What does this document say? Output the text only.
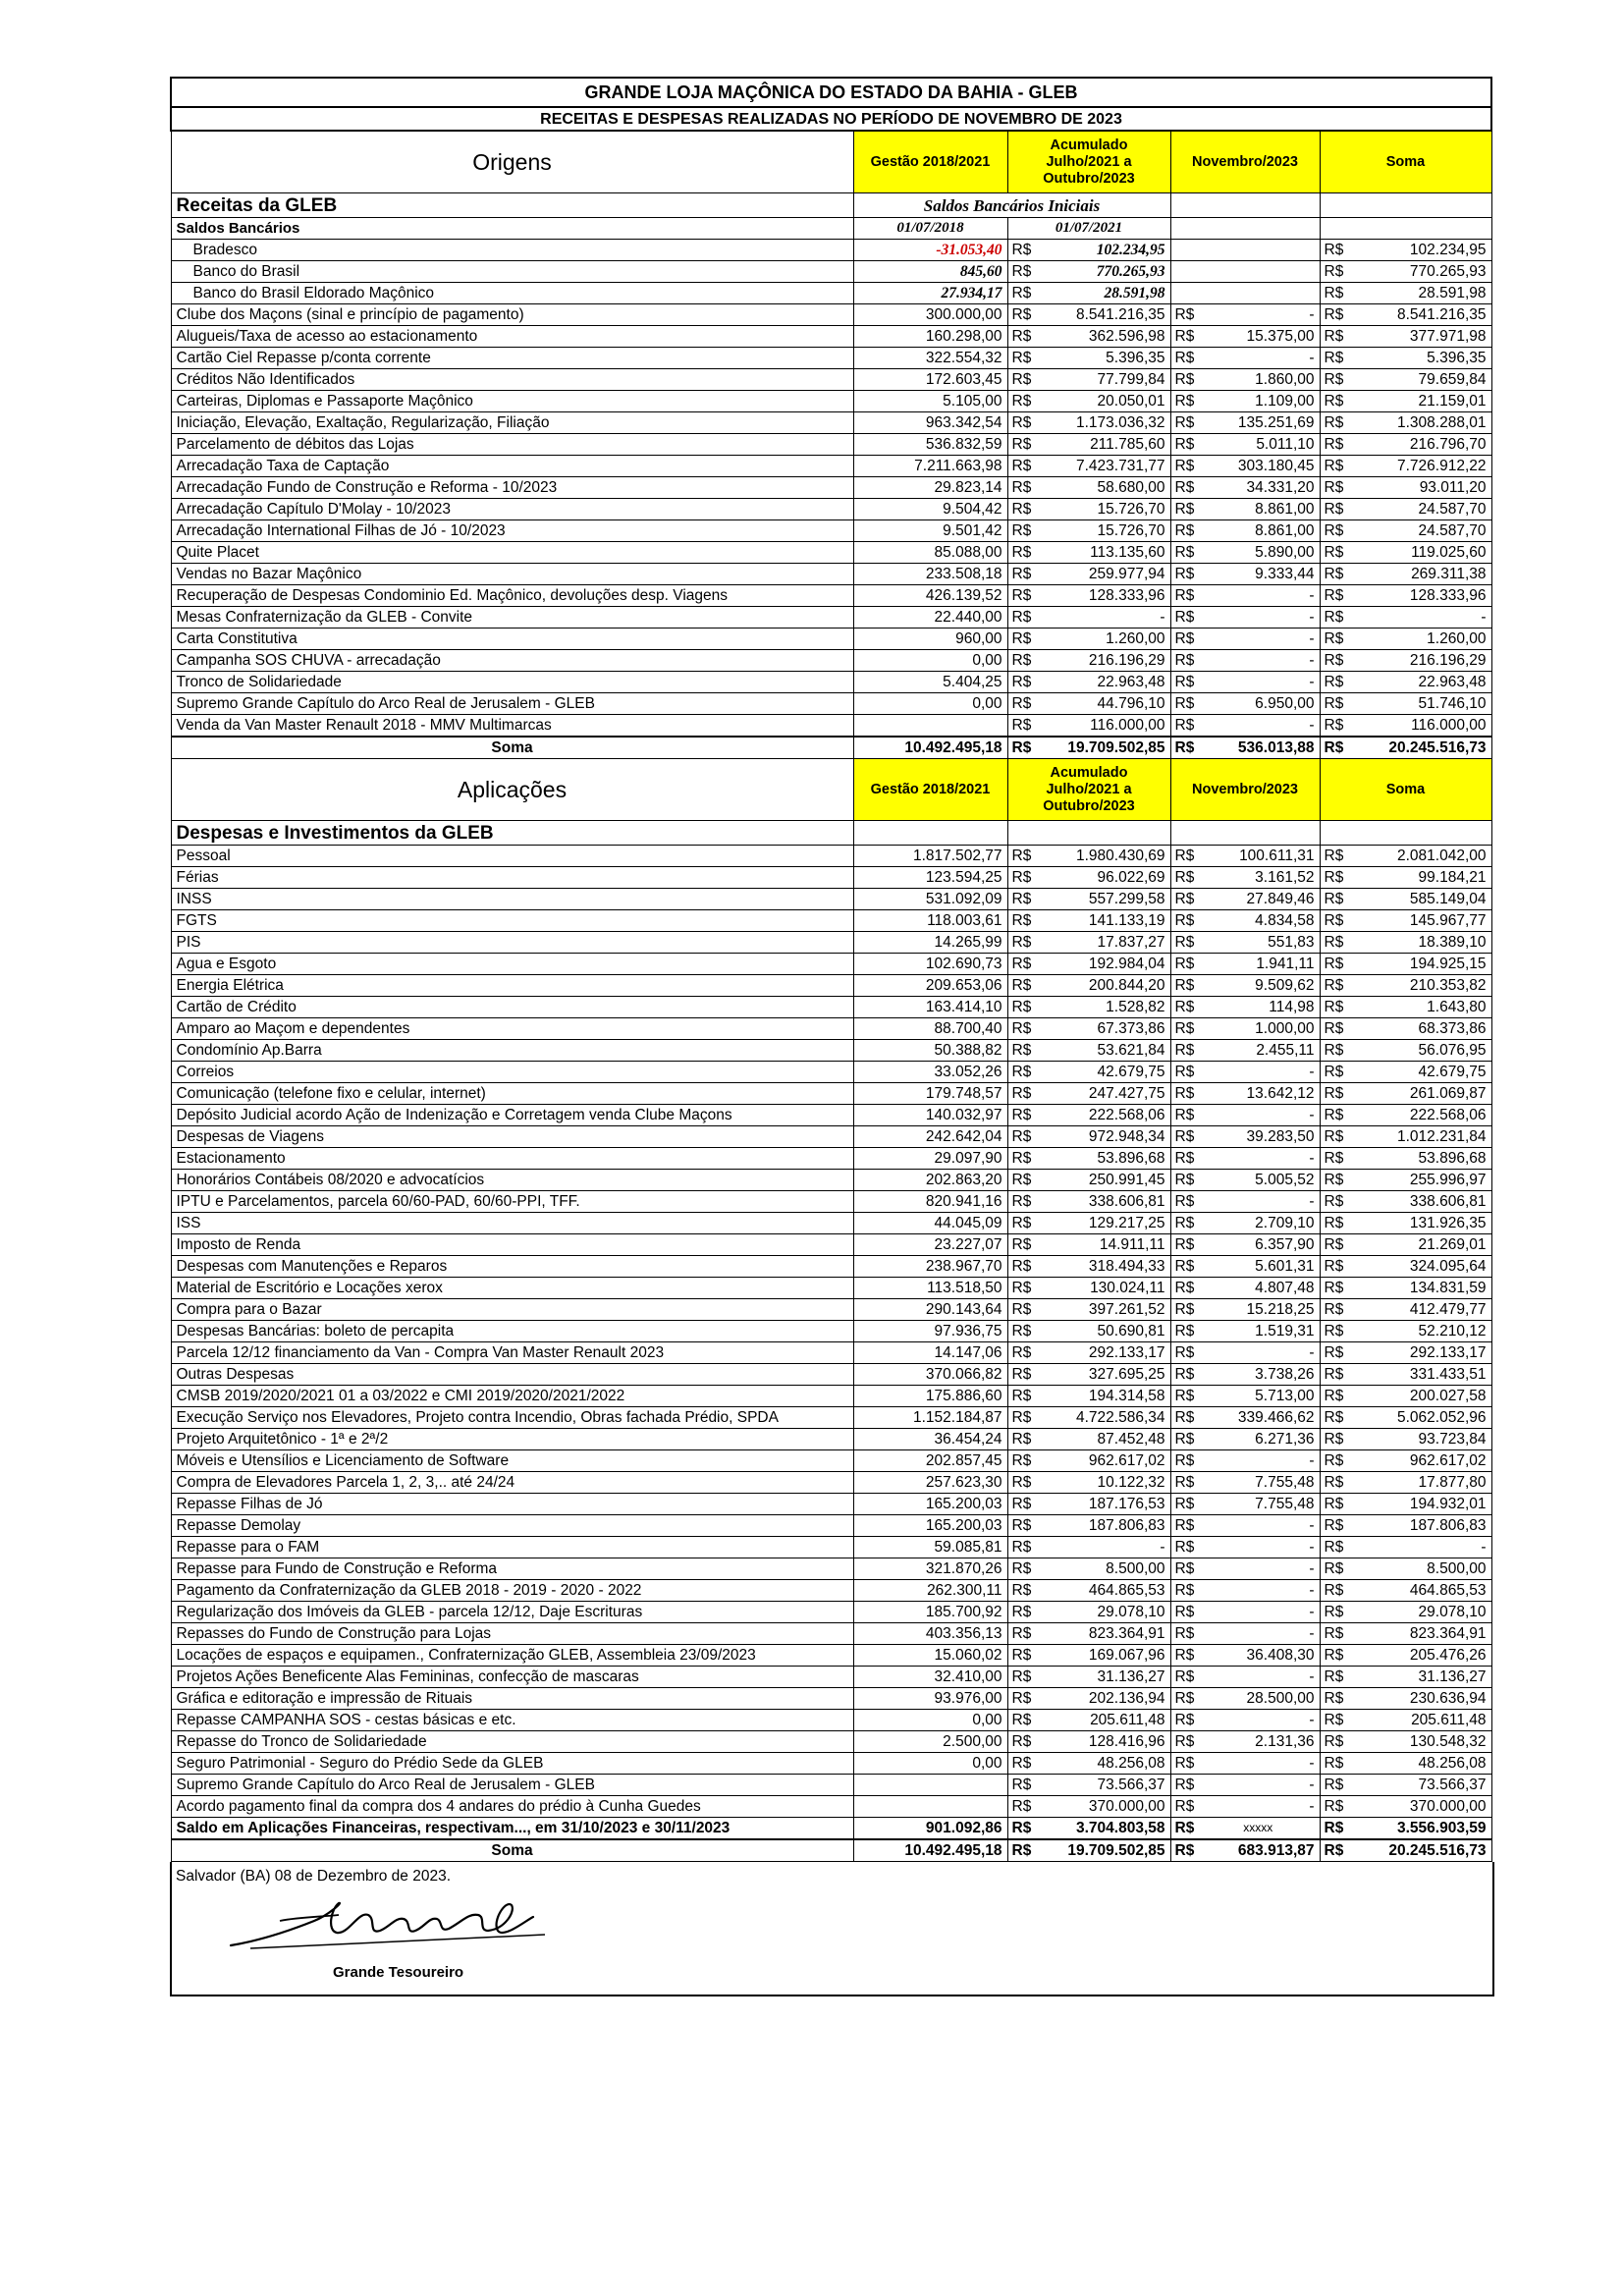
GRANDE LOJA MAÇÔNICA DO ESTADO DA BAHIA - GLEB							
RECEITAS E DESPESAS REALIZADAS NO PERÍODO DE NOVEMBRO DE 2023							
Origens	Gestão 2018/2021	Acumulado Julho/2021 a Outubro/2023		Novembro/2023		Soma	
Receitas da GLEB	Saldos Bancários Iniciais						
Saldos Bancários	01/07/2018	01/07/2021					
Bradesco	-31.053,40	R$	102.234,95			R$	102.234,95
Banco do Brasil	845,60	R$	770.265,93			R$	770.265,93
Banco do Brasil Eldorado Maçônico	27.934,17	R$	28.591,98			R$	28.591,98
Clube dos Maçons (sinal e princípio de pagamento)	300.000,00	R$	8.541.216,35	R$	-	R$	8.541.216,35
Alugueis/Taxa de acesso ao estacionamento	160.298,00	R$	362.596,98	R$	15.375,00	R$	377.971,98
Cartão Ciel Repasse p/conta corrente	322.554,32	R$	5.396,35	R$	-	R$	5.396,35
Créditos Não Identificados	172.603,45	R$	77.799,84	R$	1.860,00	R$	79.659,84
Carteiras, Diplomas e Passaporte Maçônico	5.105,00	R$	20.050,01	R$	1.109,00	R$	21.159,01
Iniciação, Elevação, Exaltação, Regularização, Filiação	963.342,54	R$	1.173.036,32	R$	135.251,69	R$	1.308.288,01
Parcelamento de débitos das Lojas	536.832,59	R$	211.785,60	R$	5.011,10	R$	216.796,70
Arrecadação Taxa de Captação	7.211.663,98	R$	7.423.731,77	R$	303.180,45	R$	7.726.912,22
Arrecadação Fundo de Construção e Reforma - 10/2023	29.823,14	R$	58.680,00	R$	34.331,20	R$	93.011,20
Arrecadação Capítulo D'Molay - 10/2023	9.504,42	R$	15.726,70	R$	8.861,00	R$	24.587,70
Arrecadação International Filhas de Jó - 10/2023	9.501,42	R$	15.726,70	R$	8.861,00	R$	24.587,70
Quite Placet	85.088,00	R$	113.135,60	R$	5.890,00	R$	119.025,60
Vendas no Bazar Maçônico	233.508,18	R$	259.977,94	R$	9.333,44	R$	269.311,38
Recuperação de Despesas Condominio Ed. Maçônico, devoluções desp. Viagens	426.139,52	R$	128.333,96	R$	-	R$	128.333,96
Mesas Confraternização da GLEB - Convite	22.440,00	R$	-	R$	-	R$	-
Carta Constitutiva	960,00	R$	1.260,00	R$	-	R$	1.260,00
Campanha SOS CHUVA - arrecadação	0,00	R$	216.196,29	R$	-	R$	216.196,29
Tronco de Solidariedade	5.404,25	R$	22.963,48	R$	-	R$	22.963,48
Supremo Grande Capítulo do Arco Real de Jerusalem - GLEB	0,00	R$	44.796,10	R$	6.950,00	R$	51.746,10
Venda da Van Master Renault 2018 - MMV Multimarcas		R$	116.000,00	R$	-	R$	116.000,00
Soma	10.492.495,18	R$	19.709.502,85	R$	536.013,88	R$	20.245.516,73
Aplicações	Gestão 2018/2021	Acumulado Julho/2021 a Outubro/2023		Novembro/2023		Soma	
Despesas e Investimentos da GLEB							
Pessoal	1.817.502,77	R$	1.980.430,69	R$	100.611,31	R$	2.081.042,00
Férias	123.594,25	R$	96.022,69	R$	3.161,52	R$	99.184,21
INSS	531.092,09	R$	557.299,58	R$	27.849,46	R$	585.149,04
FGTS	118.003,61	R$	141.133,19	R$	4.834,58	R$	145.967,77
PIS	14.265,99	R$	17.837,27	R$	551,83	R$	18.389,10
Agua e Esgoto	102.690,73	R$	192.984,04	R$	1.941,11	R$	194.925,15
Energia Elétrica	209.653,06	R$	200.844,20	R$	9.509,62	R$	210.353,82
Cartão de Crédito	163.414,10	R$	1.528,82	R$	114,98	R$	1.643,80
Amparo ao Maçom e dependentes	88.700,40	R$	67.373,86	R$	1.000,00	R$	68.373,86
Condomínio Ap.Barra	50.388,82	R$	53.621,84	R$	2.455,11	R$	56.076,95
Correios	33.052,26	R$	42.679,75	R$	-	R$	42.679,75
Comunicação (telefone fixo e celular, internet)	179.748,57	R$	247.427,75	R$	13.642,12	R$	261.069,87
Depósito Judicial acordo Ação de Indenização e Corretagem venda Clube Maçons	140.032,97	R$	222.568,06	R$	-	R$	222.568,06
Despesas de Viagens	242.642,04	R$	972.948,34	R$	39.283,50	R$	1.012.231,84
Estacionamento	29.097,90	R$	53.896,68	R$	-	R$	53.896,68
Honorários Contábeis 08/2020 e advocatícios	202.863,20	R$	250.991,45	R$	5.005,52	R$	255.996,97
IPTU e Parcelamentos, parcela 60/60-PAD, 60/60-PPI, TFF.	820.941,16	R$	338.606,81	R$	-	R$	338.606,81
ISS	44.045,09	R$	129.217,25	R$	2.709,10	R$	131.926,35
Imposto de Renda	23.227,07	R$	14.911,11	R$	6.357,90	R$	21.269,01
Despesas com Manutenções e Reparos	238.967,70	R$	318.494,33	R$	5.601,31	R$	324.095,64
Material de Escritório e Locações xerox	113.518,50	R$	130.024,11	R$	4.807,48	R$	134.831,59
Compra para o Bazar	290.143,64	R$	397.261,52	R$	15.218,25	R$	412.479,77
Despesas Bancárias: boleto de percapita	97.936,75	R$	50.690,81	R$	1.519,31	R$	52.210,12
Parcela 12/12 financiamento da Van - Compra Van Master Renault 2023	14.147,06	R$	292.133,17	R$	-	R$	292.133,17
Outras Despesas	370.066,82	R$	327.695,25	R$	3.738,26	R$	331.433,51
CMSB 2019/2020/2021 01 a 03/2022 e CMI 2019/2020/2021/2022	175.886,60	R$	194.314,58	R$	5.713,00	R$	200.027,58
Execução Serviço nos Elevadores, Projeto contra Incendio, Obras fachada Prédio, SPDA	1.152.184,87	R$	4.722.586,34	R$	339.466,62	R$	5.062.052,96
Projeto Arquitetônico - 1ª e 2ª/2	36.454,24	R$	87.452,48	R$	6.271,36	R$	93.723,84
Móveis e Utensílios e Licenciamento de Software	202.857,45	R$	962.617,02	R$	-	R$	962.617,02
Compra de Elevadores Parcela 1, 2, 3,.. até 24/24	257.623,30	R$	10.122,32	R$	7.755,48	R$	17.877,80
Repasse Filhas de Jó	165.200,03	R$	187.176,53	R$	7.755,48	R$	194.932,01
Repasse Demolay	165.200,03	R$	187.806,83	R$	-	R$	187.806,83
Repasse para o FAM	59.085,81	R$	-	R$	-	R$	-
Repasse para Fundo de Construção e Reforma	321.870,26	R$	8.500,00	R$	-	R$	8.500,00
Pagamento da Confraternização da GLEB 2018 - 2019 - 2020 - 2022	262.300,11	R$	464.865,53	R$	-	R$	464.865,53
Regularização dos Imóveis da GLEB - parcela 12/12, Daje Escrituras	185.700,92	R$	29.078,10	R$	-	R$	29.078,10
Repasses do Fundo de Construção para Lojas	403.356,13	R$	823.364,91	R$	-	R$	823.364,91
Locações de espaços e equipamen., Confraternização GLEB, Assembleia 23/09/2023	15.060,02	R$	169.067,96	R$	36.408,30	R$	205.476,26
Projetos Ações Beneficente Alas Femininas, confecção de mascaras	32.410,00	R$	31.136,27	R$	-	R$	31.136,27
Gráfica e editoração e impressão de Rituais	93.976,00	R$	202.136,94	R$	28.500,00	R$	230.636,94
Repasse CAMPANHA SOS - cestas básicas e etc.	0,00	R$	205.611,48	R$	-	R$	205.611,48
Repasse do Tronco de Solidariedade	2.500,00	R$	128.416,96	R$	2.131,36	R$	130.548,32
Seguro Patrimonial - Seguro do Prédio Sede da GLEB	0,00	R$	48.256,08	R$	-	R$	48.256,08
Supremo Grande Capítulo do Arco Real de Jerusalem - GLEB		R$	73.566,37	R$	-	R$	73.566,37
Acordo pagamento final da compra dos 4 andares do prédio à Cunha Guedes		R$	370.000,00	R$	-	R$	370.000,00
Saldo em Aplicações Financeiras, respectivam..., em 31/10/2023 e 30/11/2023	901.092,86	R$	3.704.803,58	R$	xxxxx	R$	3.556.903,59
Soma	10.492.495,18	R$	19.709.502,85	R$	683.913,87	R$	20.245.516,73
Salvador (BA) 08 de Dezembro de 2023.
Grande Tesoureiro
